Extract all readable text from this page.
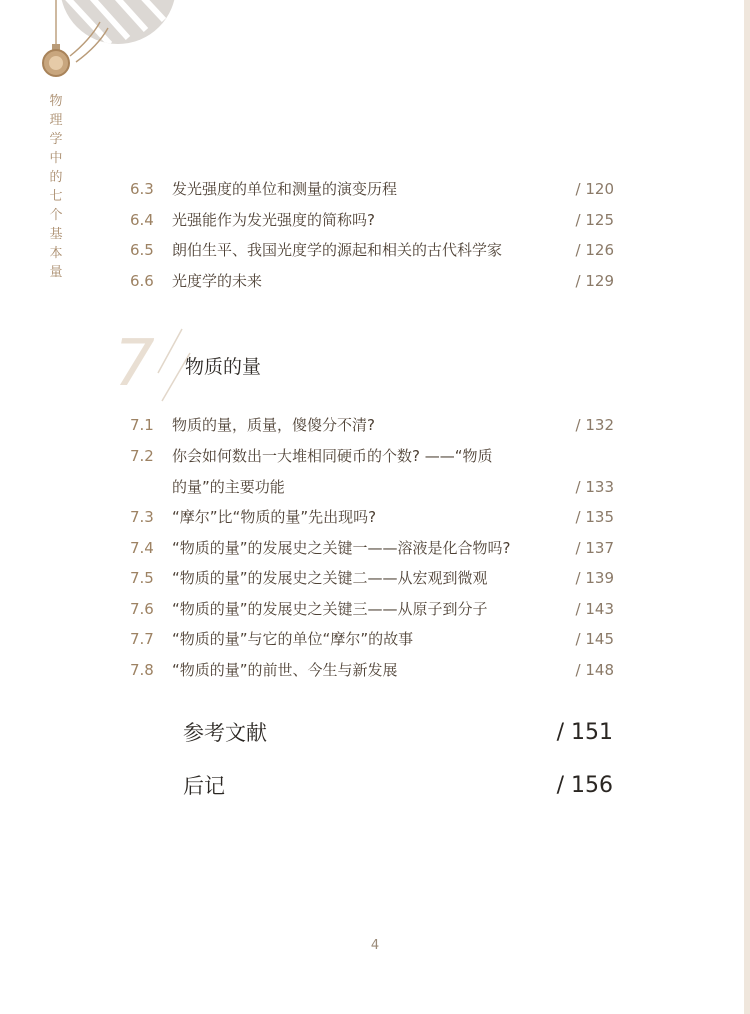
物
理
学
中
的
七
个
基
本
量
6.3 发光强度的单位和测量的演变历程	/ 120
6.4 光强能作为发光强度的简称吗?	/ 125
6.5 朗伯生平、我国光度学的源起和相关的古代科学家	/ 126
6.6 光度学的未来	/ 129
7 物质的量
7.1 物质的量，质量，傻傻分不清?	/ 132
7.2 你会如何数出一大堆相同硬币的个数? ——“物质
的量”的主要功能	/ 133
7.3 “摩尔”比“物质的量”先出现吗?	/ 135
7.4 “物质的量”的发展史之关键一——溶液是化合物吗?	/ 137
7.5 “物质的量”的发展史之关键二——从宏观到微观	/ 139
7.6 “物质的量”的发展史之关键三——从原子到分子	/ 143
7.7 “物质的量”与它的单位“摩尔”的故事	/ 145
7.8 “物质的量”的前世、今生与新发展	/ 148
参考文献	/ 151
后记	/ 156
4
